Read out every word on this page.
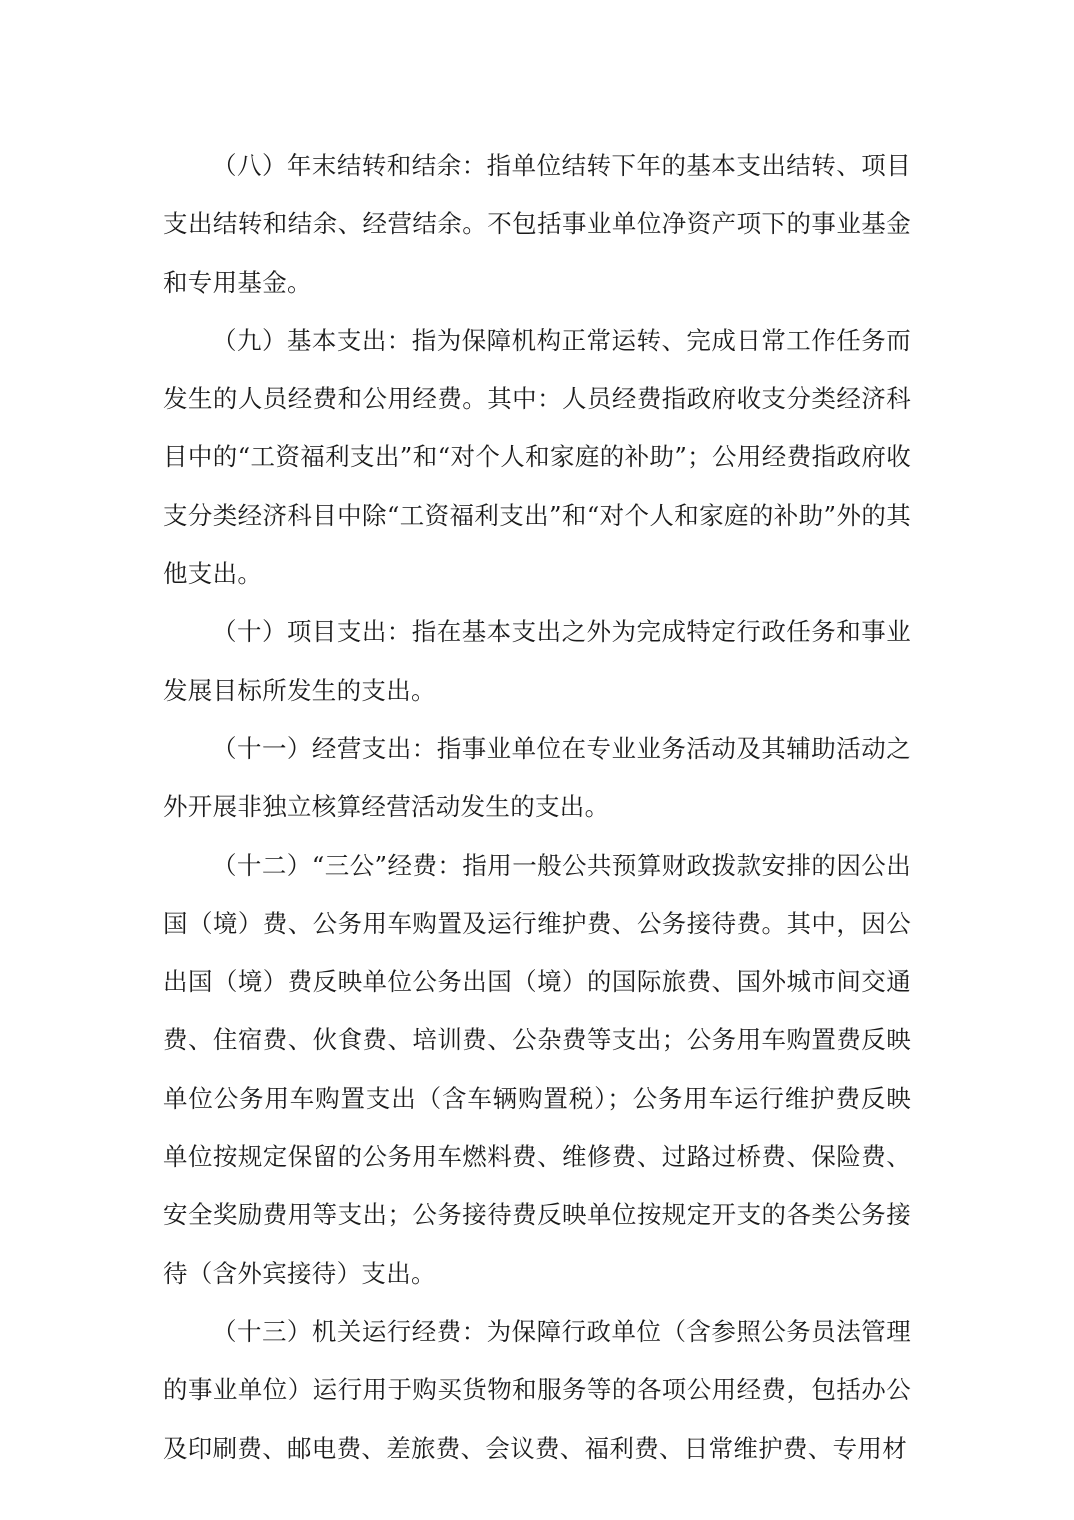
（八）年末结转和结余：指单位结转下年的基本支出结转、项目支出结转和结余、经营结余。不包括事业单位净资产项下的事业基金和专用基金。

（九）基本支出：指为保障机构正常运转、完成日常工作任务而发生的人员经费和公用经费。其中：人员经费指政府收支分类经济科目中的“工资福利支出”和“对个人和家庭的补助”；公用经费指政府收支分类经济科目中除“工资福利支出”和“对个人和家庭的补助”外的其他支出。

（十）项目支出：指在基本支出之外为完成特定行政任务和事业发展目标所发生的支出。

（十一）经营支出：指事业单位在专业业务活动及其辅助活动之外开展非独立核算经营活动发生的支出。

（十二）“三公”经费：指用一般公共预算财政拨款安排的因公出国（境）费、公务用车购置及运行维护费、公务接待费。其中，因公出国（境）费反映单位公务出国（境）的国际旅费、国外城市间交通费、住宿费、伙食费、培训费、公杂费等支出；公务用车购置费反映单位公务用车购置支出（含车辆购置税）；公务用车运行维护费反映单位按规定保留的公务用车燃料费、维修费、过路过桥费、保险费、安全奖励费用等支出；公务接待费反映单位按规定开支的各类公务接待（含外宾接待）支出。

（十三）机关运行经费：为保障行政单位（含参照公务员法管理的事业单位）运行用于购买货物和服务等的各项公用经费，包括办公及印刷费、邮电费、差旅费、会议费、福利费、日常维护费、专用材
